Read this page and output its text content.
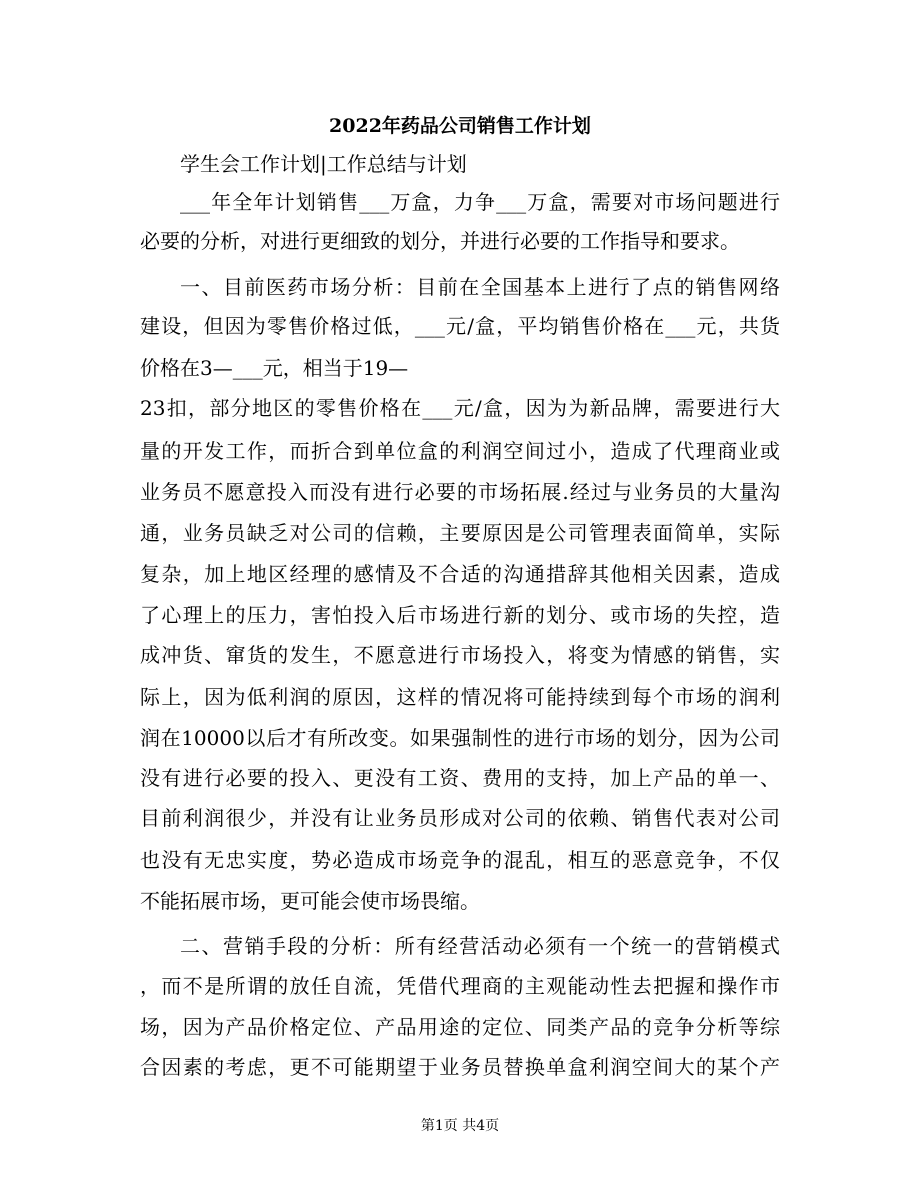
2022年药品公司销售工作计划
学生会工作计划|工作总结与计划
___年全年计划销售___万盒，力争___万盒，需要对市场问题进行
必要的分析，对进行更细致的划分，并进行必要的工作指导和要求。
一、目前医药市场分析：目前在全国基本上进行了点的销售网络
建设，但因为零售价格过低，___元/盒，平均销售价格在___元，共货
价格在3—___元，相当于19—
23扣，部分地区的零售价格在___元/盒，因为为新品牌，需要进行大
量的开发工作，而折合到单位盒的利润空间过小，造成了代理商业或
业务员不愿意投入而没有进行必要的市场拓展.经过与业务员的大量沟
通，业务员缺乏对公司的信赖，主要原因是公司管理表面简单，实际
复杂，加上地区经理的感情及不合适的沟通措辞其他相关因素，造成
了心理上的压力，害怕投入后市场进行新的划分、或市场的失控，造
成冲货、窜货的发生，不愿意进行市场投入，将变为情感的销售，实
际上，因为低利润的原因，这样的情况将可能持续到每个市场的润利
润在10000以后才有所改变。如果强制性的进行市场的划分，因为公司
没有进行必要的投入、更没有工资、费用的支持，加上产品的单一、
目前利润很少，并没有让业务员形成对公司的依赖、销售代表对公司
也没有无忠实度，势必造成市场竞争的混乱，相互的恶意竞争，不仅
不能拓展市场，更可能会使市场畏缩。
二、营销手段的分析：所有经营活动必须有一个统一的营销模式
，而不是所谓的放任自流，凭借代理商的主观能动性去把握和操作市
场，因为产品价格定位、产品用途的定位、同类产品的竞争分析等综
合因素的考虑，更不可能期望于业务员替换单盒利润空间大的某个产
第1页 共4页
